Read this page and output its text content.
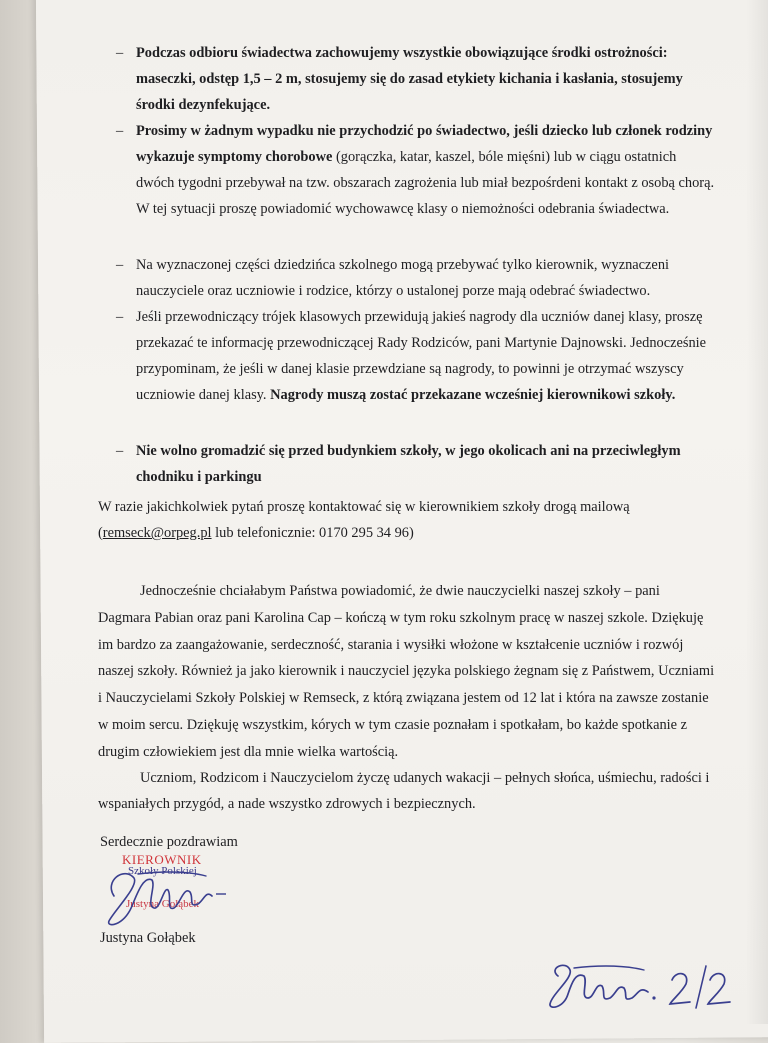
– Podczas odbioru świadectwa zachowujemy wszystkie obowiązujące środki ostrożności: maseczki, odstęp 1,5 – 2 m, stosujemy się do zasad etykiety kichania i kasłania, stosujemy środki dezynfekujące.
– Prosimy w żadnym wypadku nie przychodzić po świadectwo, jeśli dziecko lub członek rodziny wykazuje symptomy chorobowe (gorączka, katar, kaszel, bóle mięśni) lub w ciągu ostatnich dwóch tygodni przebywał na tzw. obszarach zagrożenia lub miał bezpośrdeni kontakt z osobą chorą. W tej sytuacji proszę powiadomić wychowawcę klasy o niemożności odebrania świadectwa.
– Na wyznaczonej części dziedzińca szkolnego mogą przebywać tylko kierownik, wyznaczeni nauczyciele oraz uczniowie i rodzice, którzy o ustalonej porze mają odebrać świadectwo.
– Jeśli przewodniczący trójek klasowych przewidują jakieś nagrody dla uczniów danej klasy, proszę przekazać te informację przewodniczącej Rady Rodziców, pani Martynie Dajnowski. Jednocześnie przypominam, że jeśli w danej klasie przewdziane są nagrody, to powinni je otrzymać wszyscy uczniowie danej klasy. Nagrody muszą zostać przekazane wcześniej kierownikowi szkoły.
– Nie wolno gromadzić się przed budynkiem szkoły, w jego okolicach ani na przeciwległym chodniku i parkingu
W razie jakichkolwiek pytań proszę kontaktować się w kierownikiem szkoły drogą mailową
(remseck@orpeg.pl lub telefonicznie: 0170 295 34 96)
Jednocześnie chciałabym Państwa powiadomić, że dwie nauczycielki naszej szkoły – pani Dagmara Pabian oraz pani Karolina Cap – kończą w tym roku szkolnym pracę w naszej szkole. Dziękuję im bardzo za zaangażowanie, serdeczność, starania i wysiłki włożone w kształcenie uczniów i rozwój naszej szkoły. Również ja jako kierownik i nauczyciel języka polskiego żegnam się z Państwem, Uczniami i Nauczycielami Szkoły Polskiej w Remseck, z którą związana jestem od 12 lat i która na zawsze zostanie w moim sercu. Dziękuję wszystkim, kórych w tym czasie poznałam i spotkałam, bo każde spotkanie z drugim człowiekiem jest dla mnie wielka wartością.
Uczniom, Rodzicom i Nauczycielom życzę udanych wakacji – pełnych słońca, uśmiechu, radości i wspaniałych przygód, a nade wszystko zdrowych i bezpiecznych.
Serdecznie pozdrawiam
KIEROWNIK
Szkoły Polskiej
Justyna Gołąbek
Justyna Gołąbek
